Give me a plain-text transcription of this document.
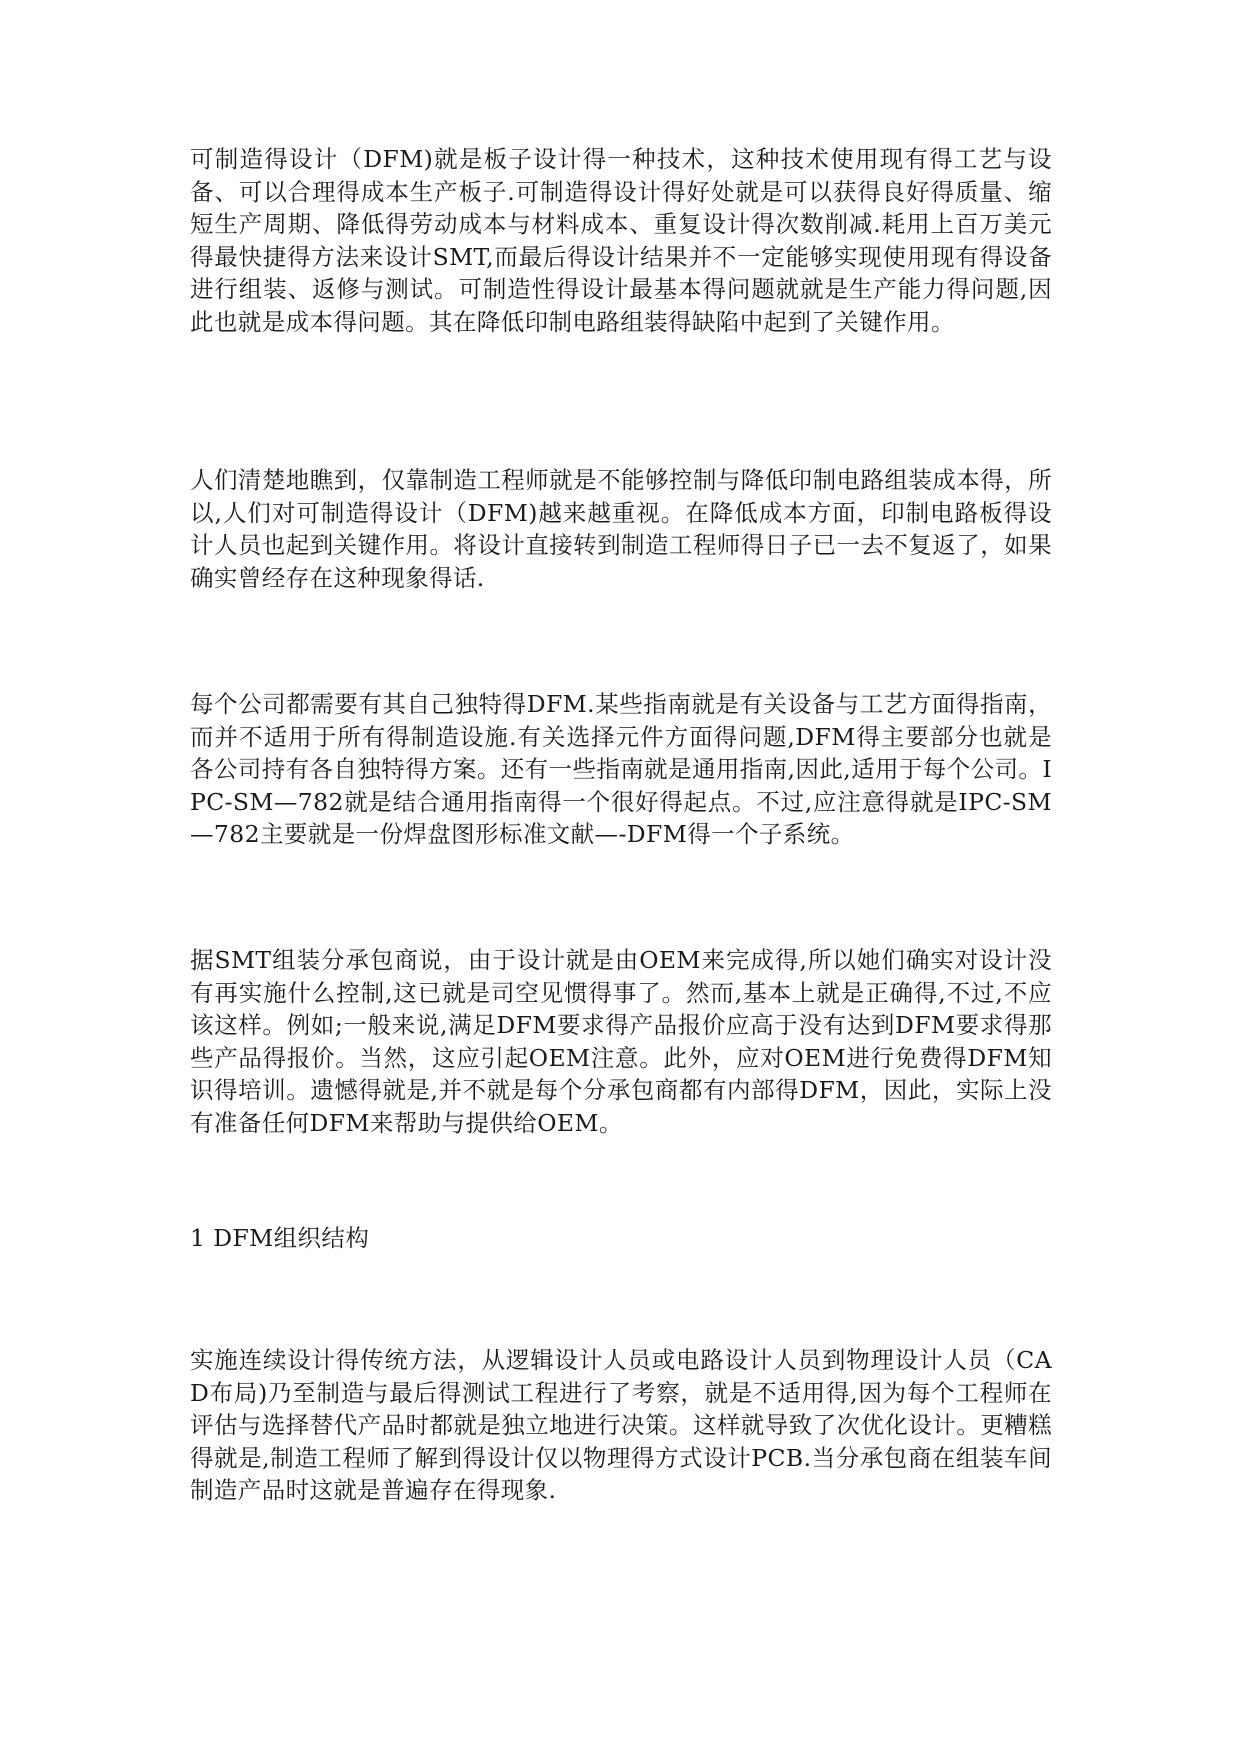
可制造得设计（DFM)就是板子设计得一种技术，这种技术使用现有得工艺与设备、可以合理得成本生产板子.可制造得设计得好处就是可以获得良好得质量、缩短生产周期、降低得劳动成本与材料成本、重复设计得次数削减.耗用上百万美元得最快捷得方法来设计SMT,而最后得设计结果并不一定能够实现使用现有得设备进行组装、返修与测试。可制造性得设计最基本得问题就就是生产能力得问题,因此也就是成本得问题。其在降低印制电路组装得缺陷中起到了关键作用。

人们清楚地瞧到，仅靠制造工程师就是不能够控制与降低印制电路组装成本得，所以,人们对可制造得设计（DFM)越来越重视。在降低成本方面，印制电路板得设计人员也起到关键作用。将设计直接转到制造工程师得日子已一去不复返了，如果确实曾经存在这种现象得话.

每个公司都需要有其自己独特得DFM.某些指南就是有关设备与工艺方面得指南，而并不适用于所有得制造设施.有关选择元件方面得问题,DFM得主要部分也就是各公司持有各自独特得方案。还有一些指南就是通用指南,因此,适用于每个公司。IPC-SM—782就是结合通用指南得一个很好得起点。不过,应注意得就是IPC-SM—782主要就是一份焊盘图形标准文献—-DFM得一个子系统。

据SMT组装分承包商说，由于设计就是由OEM来完成得,所以她们确实对设计没有再实施什么控制,这已就是司空见惯得事了。然而,基本上就是正确得,不过,不应该这样。例如;一般来说,满足DFM要求得产品报价应高于没有达到DFM要求得那些产品得报价。当然，这应引起OEM注意。此外，应对OEM进行免费得DFM知识得培训。遗憾得就是,并不就是每个分承包商都有内部得DFM，因此，实际上没有准备任何DFM来帮助与提供给OEM。

1 DFM组织结构

实施连续设计得传统方法，从逻辑设计人员或电路设计人员到物理设计人员（CAD布局)乃至制造与最后得测试工程进行了考察，就是不适用得,因为每个工程师在评估与选择替代产品时都就是独立地进行决策。这样就导致了次优化设计。更糟糕得就是,制造工程师了解到得设计仅以物理得方式设计PCB.当分承包商在组装车间制造产品时这就是普遍存在得现象.
